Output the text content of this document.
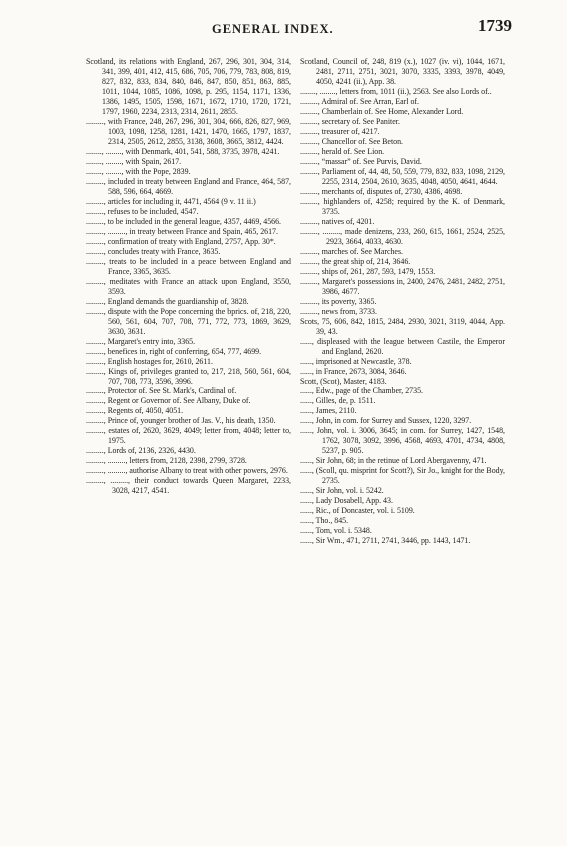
GENERAL INDEX.	1739
Scotland, its relations with England, 267, 296, 301, 304, 314, 341, 399, 401, 412, 415, 686, 705, 706, 779, 783, 808, 819, 827, 832, 833, 834, 840, 846, 847, 850, 851, 863, 885, 1011, 1044, 1085, 1086, 1098, p. 295, 1154, 1171, 1336, 1386, 1495, 1505, 1598, 1671, 1672, 1710, 1720, 1721, 1797, 1960, 2234, 2313, 2314, 2611, 2855.
........., with France, 248, 267, 296, 301, 304, 666, 826, 827, 969, 1003, 1098, 1258, 1281, 1421, 1470, 1665, 1797, 1837, 2314, 2505, 2612, 2855, 3138, 3608, 3665, 3812, 4424.
........, ........, with Denmark, 401, 541, 588, 3735, 3978, 4241.
........, ........, with Spain, 2617.
........, ........, with the Pope, 2839.
........., included in treaty between England and France, 464, 587, 588, 596, 664, 4669.
........., articles for including it, 4471, 4564 (9 v. 11 ii.)
........., refuses to be included, 4547.
........., to be included in the general league, 4357, 4469, 4566.
........., ........., in treaty between France and Spain, 465, 2617.
........., confirmation of treaty with England, 2757, App. 30*.
........., concludes treaty with France, 3635.
........., treats to be included in a peace between England and France, 3365, 3635.
........., meditates with France an attack upon England, 3550, 3593.
........., England demands the guardianship of, 3828.
........., dispute with the Pope concerning the bprics. of, 218, 220, 560, 561, 604, 707, 708, 771, 772, 773, 1869, 3629, 3630, 3631.
........., Margaret's entry into, 3365.
........., benefices in, right of conferring, 654, 777, 4699.
........., English hostages for, 2610, 2611.
........., Kings of, privileges granted to, 217, 218, 560, 561, 604, 707, 708, 773, 3596, 3996.
........., Protector of. See St. Mark's, Cardinal of.
........., Regent or Governor of. See Albany, Duke of.
........., Regents of, 4050, 4051.
........., Prince of, younger brother of Jas. V., his death, 1350.
........., estates of, 2620, 3629, 4049; letter from, 4048; letter to, 1975.
........., Lords of, 2136, 2326, 4430.
........., ........., letters from, 2128, 2398, 2799, 3728.
........., ........., authorise Albany to treat with other powers, 2976.
........., ........., their conduct towards Queen Margaret, 2233, 3028, 4217, 4541.
Scotland, Council of, 248, 819 (x.), 1027 (iv. vi), 1044, 1671, 2481, 2711, 2751, 3021, 3070, 3335, 3393, 3978, 4049, 4050, 4241 (ii.), App. 38.
........, ........, letters from, 1011 (ii.), 2563. See also Lords of..
........., Admiral of. See Arran, Earl of.
........., Chamberlain of. See Home, Alexander Lord.
........., secretary of. See Paniter.
........., treasurer of, 4217.
........., Chancellor of. See Beton.
........., herald of. See Lion.
........., “massar” of. See Purvis, David.
........., Parliament of, 44, 48, 50, 559, 779, 832, 833, 1098, 2129, 2255, 2314, 2504, 2610, 3635, 4048, 4050, 4641, 4644.
........., merchants of, disputes of, 2730, 4386, 4698.
........., highlanders of, 4258; required by the K. of Denmark, 3735.
........., natives of, 4201.
........., ........., made denizens, 233, 260, 615, 1661, 2524, 2525, 2923, 3664, 4033, 4630.
........., marches of. See Marches.
........., the great ship of, 214, 3646.
........., ships of, 261, 287, 593, 1479, 1553.
........., Margaret's possessions in, 2400, 2476, 2481, 2482, 2751, 3986, 4677.
........., its poverty, 3365.
........., news from, 3733.
Scots, 75, 606, 842, 1815, 2484, 2930, 3021, 3119, 4044, App. 39, 43.
......, displeased with the league between Castile, the Emperor and England, 2620.
......, imprisoned at Newcastle, 378.
......, in France, 2673, 3084, 3646.
Scott, (Scot), Master, 4183.
......, Edw., page of the Chamber, 2735.
......, Gilles, de, p. 1511.
......, James, 2110.
......, John, in com. for Surrey and Sussex, 1220, 3297.
......, John, vol. i. 3006, 3645; in com. for Surrey, 1427, 1548, 1762, 3078, 3092, 3996, 4568, 4693, 4701, 4734, 4808, 5237, p. 905.
......, Sir John, 68; in the retinue of Lord Abergavenny, 471.
......, (Scoll, qu. misprint for Scott?), Sir Jo., knight for the Body, 2735.
......, Sir John, vol. i. 5242.
......, Lady Dosabell, App. 43.
......, Ric., of Doncaster, vol. i. 5109.
......, Tho., 845.
......, Tom, vol. i. 5348.
......, Sir Wm., 471, 2711, 2741, 3446, pp. 1443, 1471.
